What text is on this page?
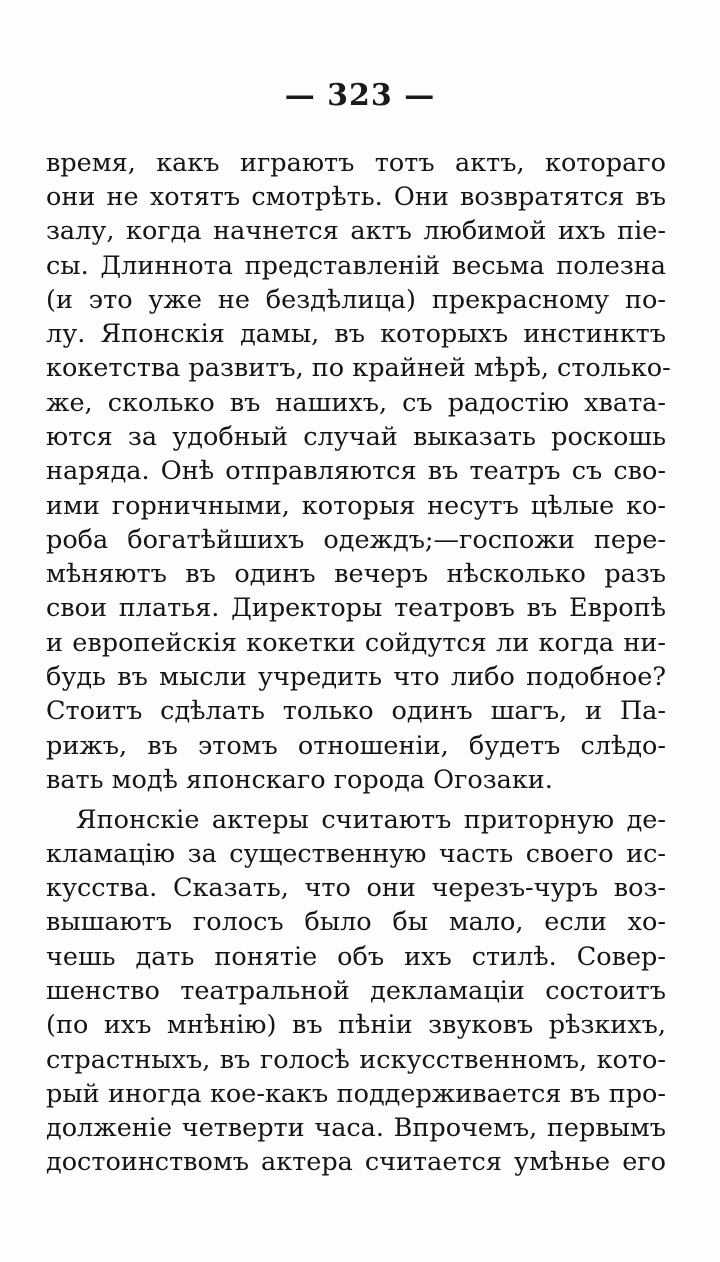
— 323 —
время, какъ играютъ тотъ актъ, котораго
они не хотятъ смотрѣть. Они возвратятся въ
залу, когда начнется актъ любимой ихъ пiе-
сы. Длиннота представленiй весьма полезна
(и это уже не бездѣлица) прекрасному по-
лу. Японскiя дамы, въ которыхъ инстинктъ
кокетства развитъ, по крайней мѣрѣ, столько-
же, сколько въ нашихъ, съ радостiю хвата-
ются за удобный случай выказать роскошь
наряда. Онѣ отправляются въ театръ съ сво-
ими горничными, которыя несутъ цѣлые ко-
роба богатѣйшихъ одеждъ;—госпожи пере-
мѣняютъ въ одинъ вечеръ нѣсколько разъ
свои платья. Директоры театровъ въ Европѣ
и европейскiя кокетки сойдутся ли когда ни-
будь въ мысли учредить что либо подобное?
Стоитъ сдѣлать только одинъ шагъ, и Па-
рижъ, въ этомъ отношенiи, будетъ слѣдо-
вать модѣ японскаго города Огозаки.
Японскiе актеры считаютъ приторную де-
кламацiю за существенную часть своего ис-
кусства. Сказать, что они черезъ-чуръ воз-
вышаютъ голосъ было бы мало, если хо-
чешь дать понятiе объ ихъ стилѣ. Совер-
шенство театральной декламацiи состоитъ
(по ихъ мнѣнiю) въ пѣнiи звуковъ рѣзкихъ,
страстныхъ, въ голосѣ искусственномъ, кото-
рый иногда кое-какъ поддерживается въ про-
долженiе четверти часа. Впрочемъ, первымъ
достоинствомъ актера считается умѣнье его
